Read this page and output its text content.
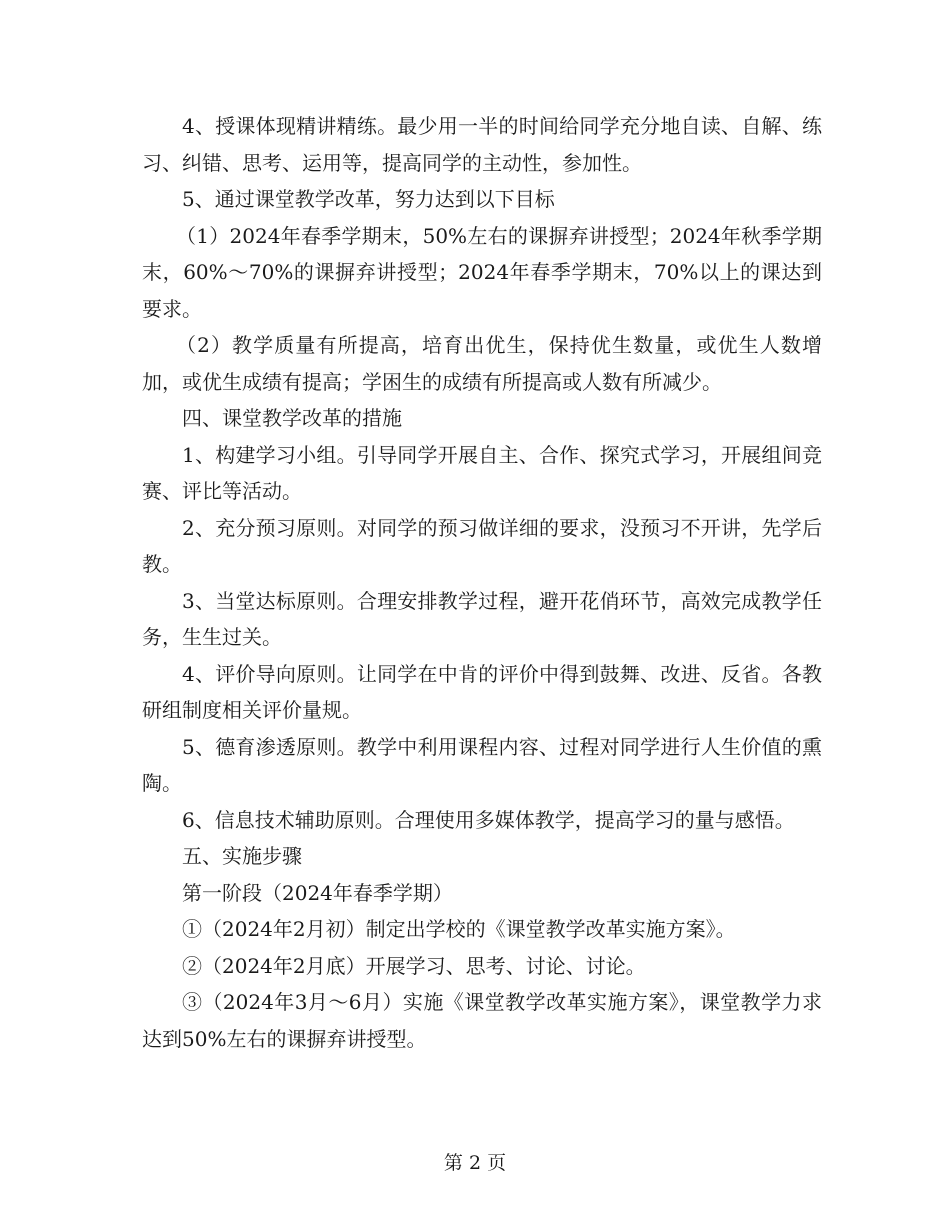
4、授课体现精讲精练。最少用一半的时间给同学充分地自读、自解、练习、纠错、思考、运用等，提高同学的主动性，参加性。

5、通过课堂教学改革，努力达到以下目标

（1）2024年春季学期末，50%左右的课摒弃讲授型；2024年秋季学期末，60%～70%的课摒弃讲授型；2024年春季学期末，70%以上的课达到要求。

（2）教学质量有所提高，培育出优生，保持优生数量，或优生人数增加，或优生成绩有提高；学困生的成绩有所提高或人数有所减少。

四、课堂教学改革的措施

1、构建学习小组。引导同学开展自主、合作、探究式学习，开展组间竞赛、评比等活动。

2、充分预习原则。对同学的预习做详细的要求，没预习不开讲，先学后教。

3、当堂达标原则。合理安排教学过程，避开花俏环节，高效完成教学任务，生生过关。

4、评价导向原则。让同学在中肯的评价中得到鼓舞、改进、反省。各教研组制度相关评价量规。

5、德育渗透原则。教学中利用课程内容、过程对同学进行人生价值的熏陶。

6、信息技术辅助原则。合理使用多媒体教学，提高学习的量与感悟。

五、实施步骤

第一阶段（2024年春季学期）

①（2024年2月初）制定出学校的《课堂教学改革实施方案》。

②（2024年2月底）开展学习、思考、讨论、讨论。

③（2024年3月～6月）实施《课堂教学改革实施方案》，课堂教学力求达到50%左右的课摒弃讲授型。

第 2 页
